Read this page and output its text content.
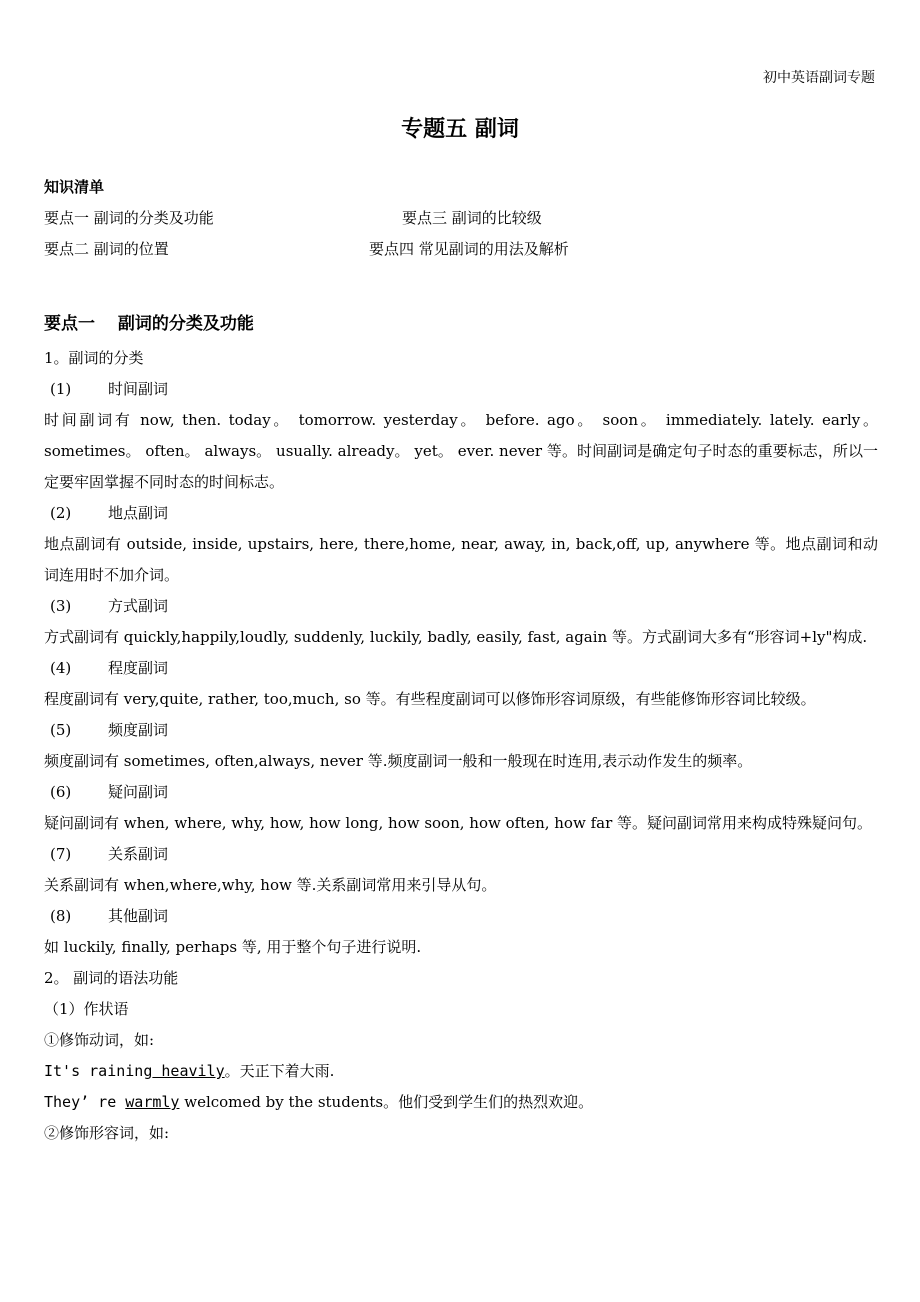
初中英语副词专题
专题五 副词
知识清单
要点一 副词的分类及功能	要点三 副词的比较级
要点二 副词的位置	要点四 常见副词的用法及解析
要点一　 副词的分类及功能
1。副词的分类
(1) 时间副词
时间副词有 now, then. today。 tomorrow. yesterday。 before. ago。 soon。 immediately. lately. early。 sometimes。 often。 always。 usually. already。 yet。 ever. never 等。时间副词是确定句子时态的重要标志，所以一定要牢固掌握不同时态的时间标志。
(2) 地点副词
地点副词有 outside, inside, upstairs, here, there,home, near, away, in, back,off, up, anywhere 等。地点副词和动词连用时不加介词。
(3) 方式副词
方式副词有 quickly,happily,loudly, suddenly, luckily, badly, easily, fast, again 等。方式副词大多有“形容词+ly"构成.
(4) 程度副词
程度副词有 very,quite, rather, too,much, so 等。有些程度副词可以修饰形容词原级，有些能修饰形容词比较级。
(5) 频度副词
频度副词有 sometimes, often,always, never 等.频度副词一般和一般现在时连用,表示动作发生的频率。
(6) 疑问副词
疑问副词有 when, where, why, how, how long, how soon, how often, how far 等。疑问副词常用来构成特殊疑问句。
(7) 关系副词
关系副词有 when,where,why, how 等.关系副词常用来引导从句。
(8) 其他副词
如 luckily, finally, perhaps 等, 用于整个句子进行说明.
2。 副词的语法功能
（1）作状语
①修饰动词，如:
It's raining heavily。天正下着大雨.
They’ re warmly welcomed by the students。他们受到学生们的热烈欢迎。
②修饰形容词，如:
